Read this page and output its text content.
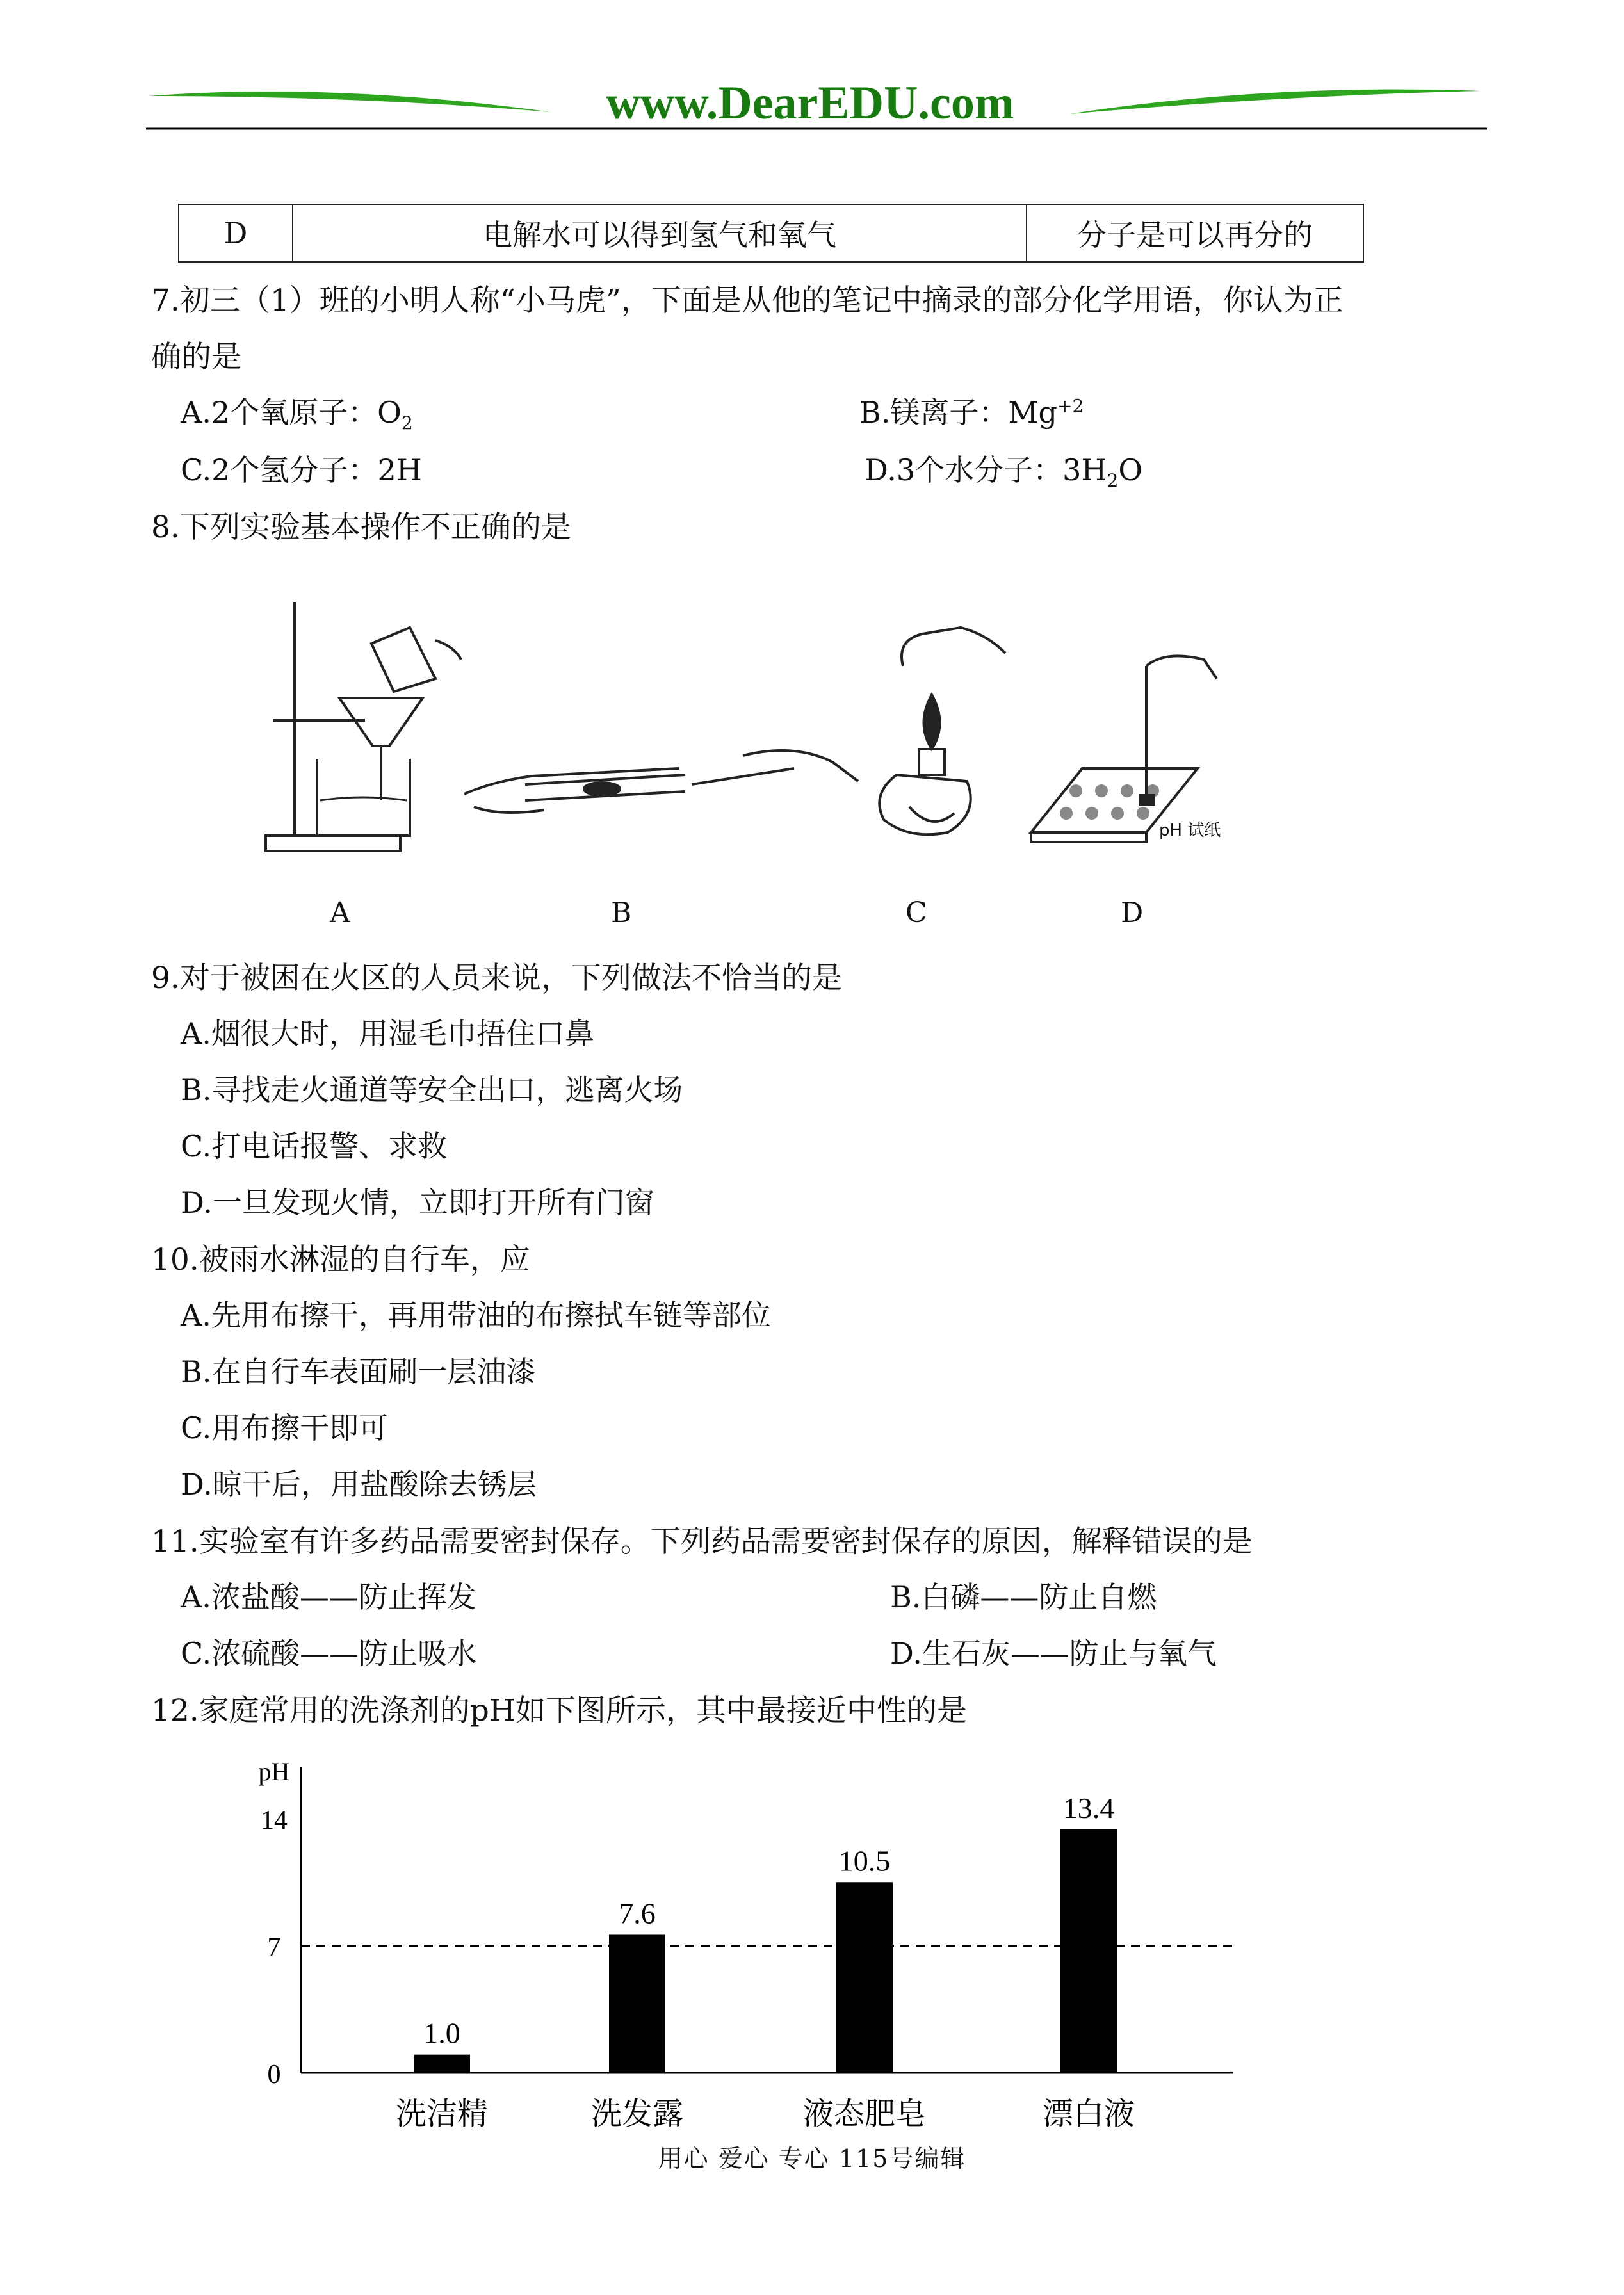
www.DearEDU.com
D	电解水可以得到氢气和氧气	分子是可以再分的
7.初三（1）班的小明人称“小马虎”，下面是从他的笔记中摘录的部分化学用语，你认为正
确的是
A.2个氧原子：$O_2$	B.镁离子：$Mg^{+2}$
C.2个氢分子：2H	D.3个水分子：$3H_2O$
8.下列实验基本操作不正确的是
pH 试纸
A	B	C	D
9.对于被困在火区的人员来说，下列做法不恰当的是
A.烟很大时，用湿毛巾捂住口鼻
B.寻找走火通道等安全出口，逃离火场
C.打电话报警、求救
D.一旦发现火情，立即打开所有门窗
10.被雨水淋湿的自行车，应
A.先用布擦干，再用带油的布擦拭车链等部位
B.在自行车表面刷一层油漆
C.用布擦干即可
D.晾干后，用盐酸除去锈层
11.实验室有许多药品需要密封保存。下列药品需要密封保存的原因，解释错误的是
A.浓盐酸——防止挥发	B.白磷——防止自燃
C.浓硫酸——防止吸水	D.生石灰——防止与氧气
12.家庭常用的洗涤剂的pH如下图所示，其中最接近中性的是
pH
0
7
14
1.0
洗洁精
7.6
洗发露
10.5
液态肥皂
13.4
漂白液
用心 爱心 专心 115号编辑
